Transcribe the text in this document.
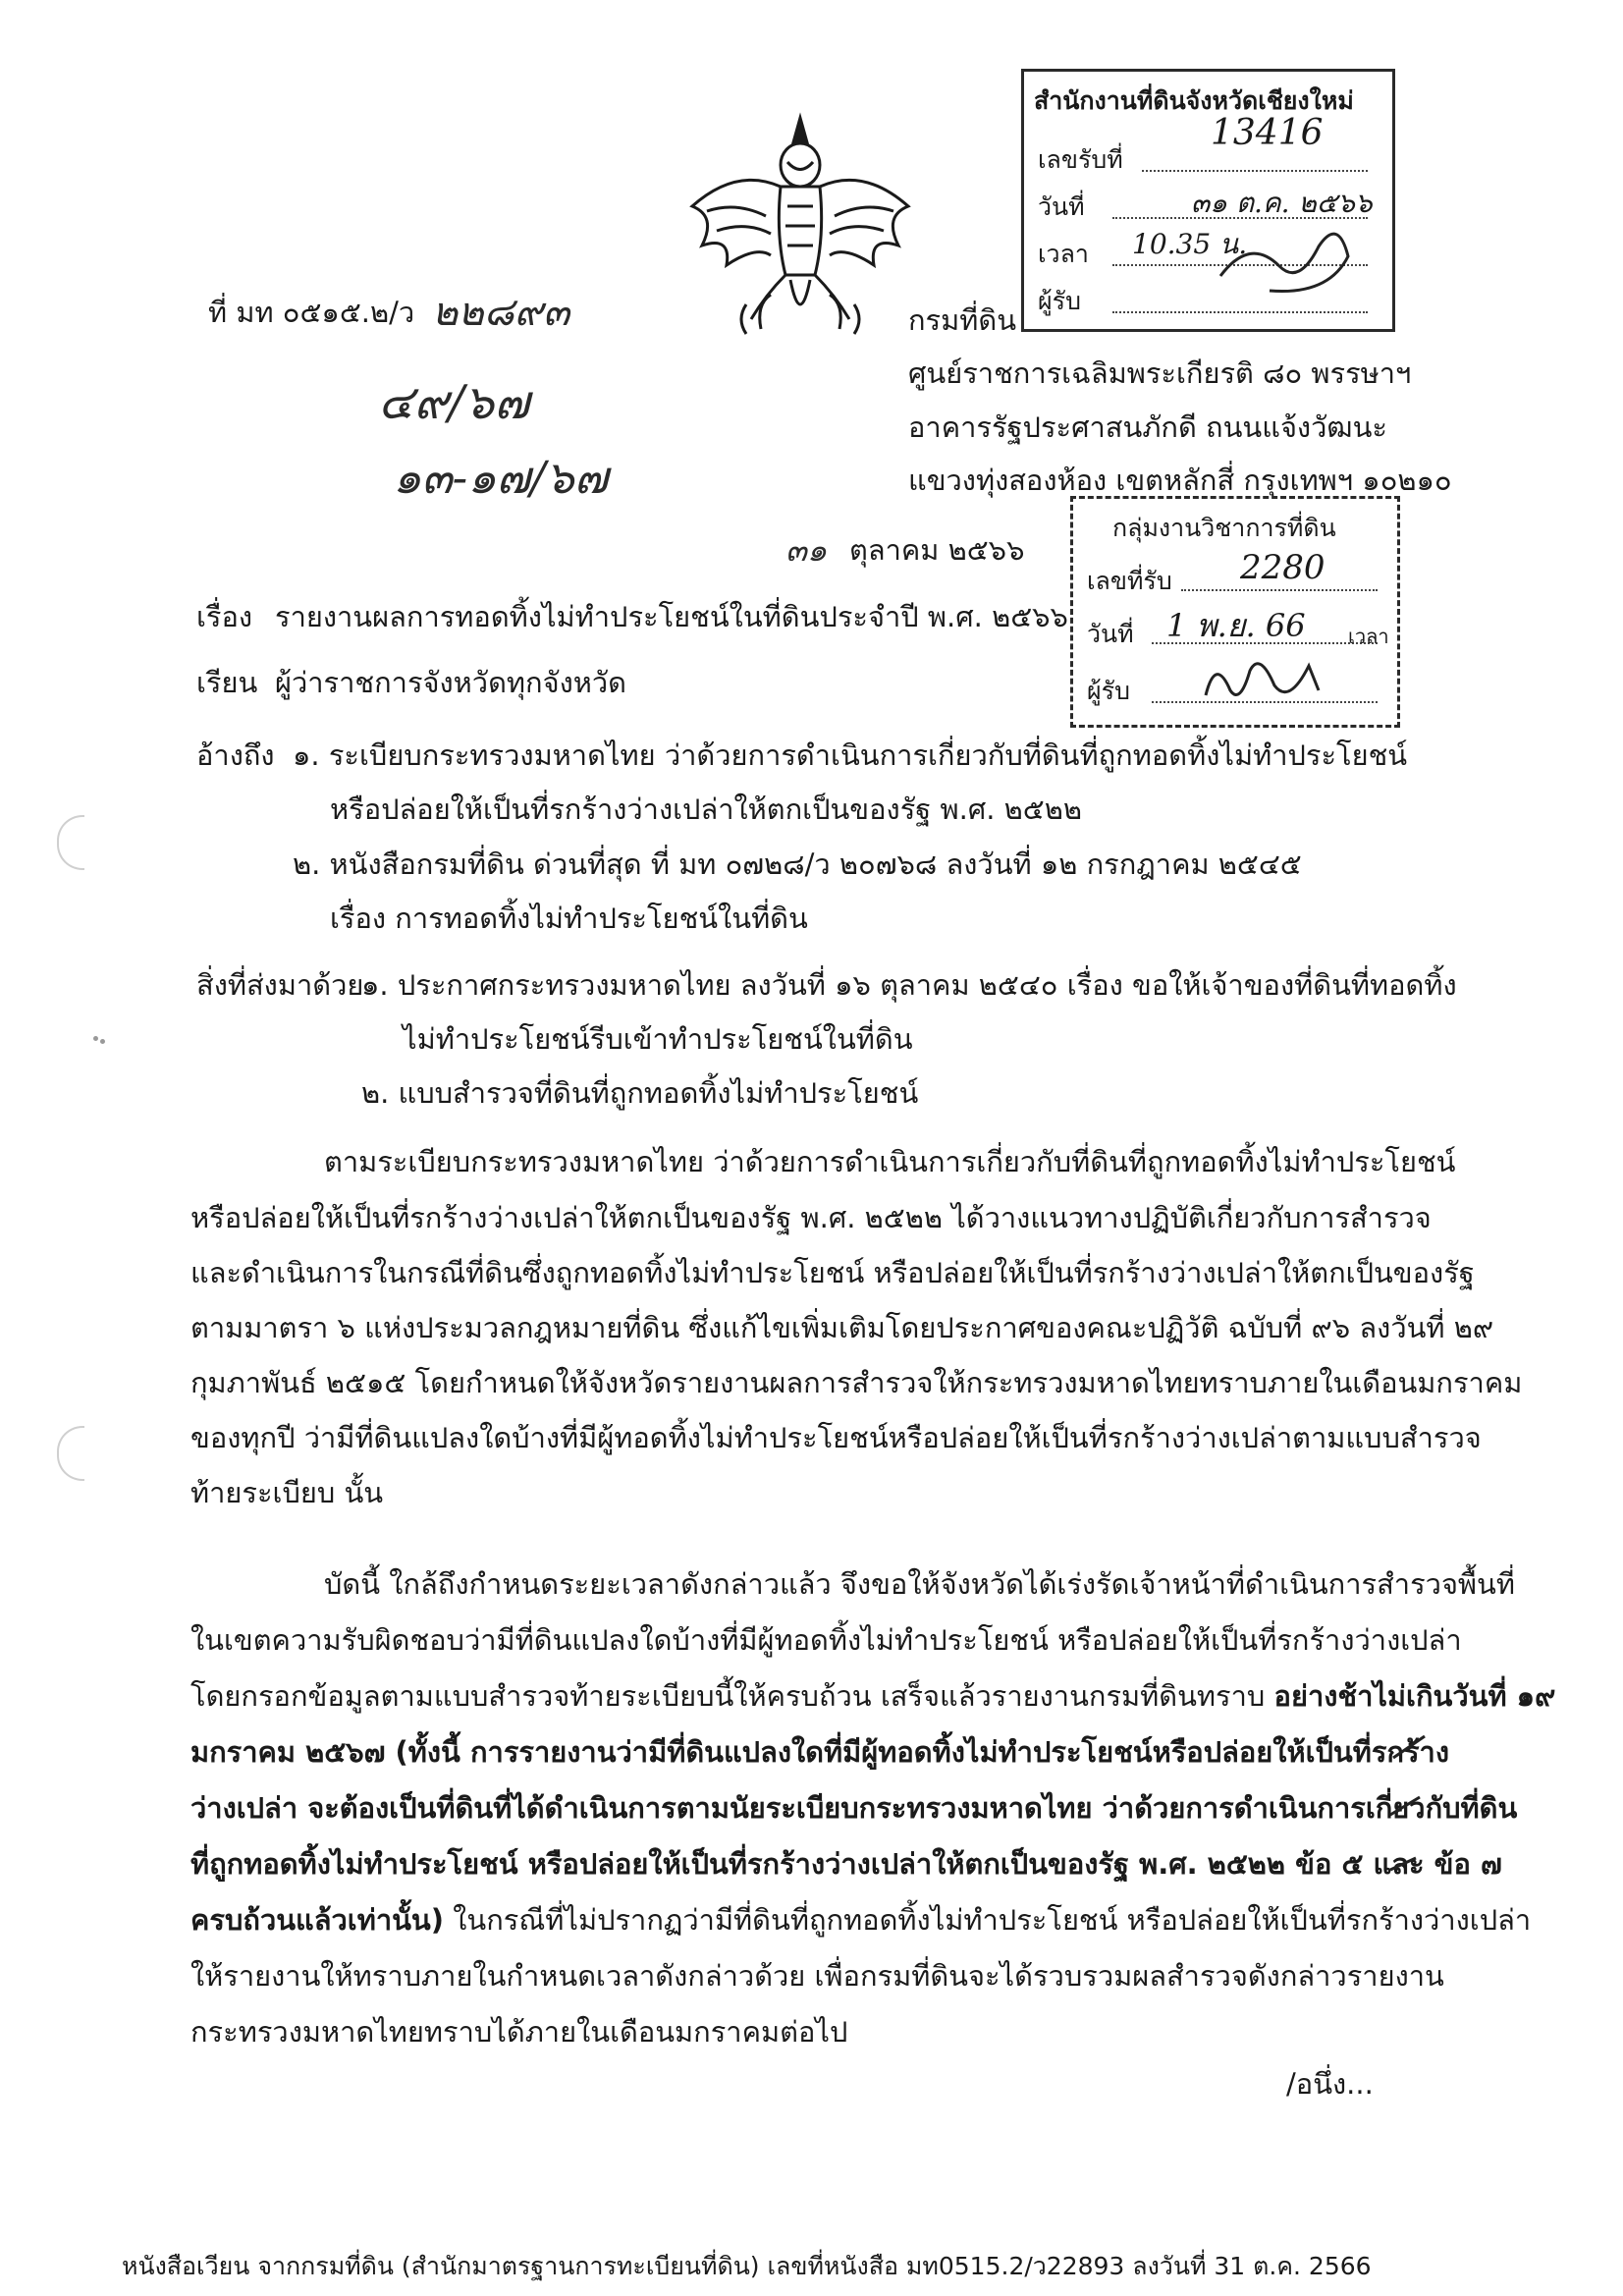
ที่ มท ๐๕๑๕.๒/ว ๒๒๘๙๓
๔๙/๖๗
๑๓-๑๗/๖๗
กรมที่ดิน
ศูนย์ราชการเฉลิมพระเกียรติ ๘๐ พรรษาฯ
อาคารรัฐประศาสนภักดี ถนนแจ้งวัฒนะ
แขวงทุ่งสองห้อง เขตหลักสี่ กรุงเทพฯ ๑๐๒๑๐
สำนักงานที่ดินจังหวัดเชียงใหม่
เลขรับที่
13416
วันที่	๓๑ ต.ค. ๒๕๖๖
เวลา 10.35 น.
ผู้รับ
กลุ่มงานวิชาการที่ดิน
เลขที่รับ 2280
วันที่ 1 พ.ย. 66 เวลา
ผู้รับ
๓๑ ตุลาคม ๒๕๖๖
เรื่อง รายงานผลการทอดทิ้งไม่ทำประโยชน์ในที่ดินประจำปี พ.ศ. ๒๕๖๖
เรียน ผู้ว่าราชการจังหวัดทุกจังหวัด
อ้างถึง ๑. ระเบียบกระทรวงมหาดไทย ว่าด้วยการดำเนินการเกี่ยวกับที่ดินที่ถูกทอดทิ้งไม่ทำประโยชน์
หรือปล่อยให้เป็นที่รกร้างว่างเปล่าให้ตกเป็นของรัฐ พ.ศ. ๒๕๒๒
๒. หนังสือกรมที่ดิน ด่วนที่สุด ที่ มท ๐๗๒๘/ว ๒๐๗๖๘ ลงวันที่ ๑๒ กรกฎาคม ๒๕๔๕
เรื่อง การทอดทิ้งไม่ทำประโยชน์ในที่ดิน
สิ่งที่ส่งมาด้วย
๑. ประกาศกระทรวงมหาดไทย ลงวันที่ ๑๖ ตุลาคม ๒๕๔๐ เรื่อง ขอให้เจ้าของที่ดินที่ทอดทิ้ง
ไม่ทำประโยชน์รีบเข้าทำประโยชน์ในที่ดิน
๒. แบบสำรวจที่ดินที่ถูกทอดทิ้งไม่ทำประโยชน์
ตามระเบียบกระทรวงมหาดไทย ว่าด้วยการดำเนินการเกี่ยวกับที่ดินที่ถูกทอดทิ้งไม่ทำประโยชน์
หรือปล่อยให้เป็นที่รกร้างว่างเปล่าให้ตกเป็นของรัฐ พ.ศ. ๒๕๒๒ ได้วางแนวทางปฏิบัติเกี่ยวกับการสำรวจ
และดำเนินการในกรณีที่ดินซึ่งถูกทอดทิ้งไม่ทำประโยชน์ หรือปล่อยให้เป็นที่รกร้างว่างเปล่าให้ตกเป็นของรัฐ
ตามมาตรา ๖ แห่งประมวลกฎหมายที่ดิน ซึ่งแก้ไขเพิ่มเติมโดยประกาศของคณะปฏิวัติ ฉบับที่ ๙๖ ลงวันที่ ๒๙
กุมภาพันธ์ ๒๕๑๕ โดยกำหนดให้จังหวัดรายงานผลการสำรวจให้กระทรวงมหาดไทยทราบภายในเดือนมกราคม
ของทุกปี ว่ามีที่ดินแปลงใดบ้างที่มีผู้ทอดทิ้งไม่ทำประโยชน์หรือปล่อยให้เป็นที่รกร้างว่างเปล่าตามแบบสำรวจ
ท้ายระเบียบ นั้น
บัดนี้ ใกล้ถึงกำหนดระยะเวลาดังกล่าวแล้ว จึงขอให้จังหวัดได้เร่งรัดเจ้าหน้าที่ดำเนินการสำรวจพื้นที่
ในเขตความรับผิดชอบว่ามีที่ดินแปลงใดบ้างที่มีผู้ทอดทิ้งไม่ทำประโยชน์ หรือปล่อยให้เป็นที่รกร้างว่างเปล่า
โดยกรอกข้อมูลตามแบบสำรวจท้ายระเบียบนี้ให้ครบถ้วน เสร็จแล้วรายงานกรมที่ดินทราบ อย่างช้าไม่เกินวันที่ ๑๙
มกราคม ๒๕๖๗ (ทั้งนี้ การรายงานว่ามีที่ดินแปลงใดที่มีผู้ทอดทิ้งไม่ทำประโยชน์หรือปล่อยให้เป็นที่รกร้าง
ว่างเปล่า จะต้องเป็นที่ดินที่ได้ดำเนินการตามนัยระเบียบกระทรวงมหาดไทย ว่าด้วยการดำเนินการเกี่ยวกับที่ดิน
ที่ถูกทอดทิ้งไม่ทำประโยชน์ หรือปล่อยให้เป็นที่รกร้างว่างเปล่าให้ตกเป็นของรัฐ พ.ศ. ๒๕๒๒ ข้อ ๕ และ ข้อ ๗
ครบถ้วนแล้วเท่านั้น) ในกรณีที่ไม่ปรากฏว่ามีที่ดินที่ถูกทอดทิ้งไม่ทำประโยชน์ หรือปล่อยให้เป็นที่รกร้างว่างเปล่า
ให้รายงานให้ทราบภายในกำหนดเวลาดังกล่าวด้วย เพื่อกรมที่ดินจะได้รวบรวมผลสำรวจดังกล่าวรายงาน
กระทรวงมหาดไทยทราบได้ภายในเดือนมกราคมต่อไป
/อนึ่ง...
หนังสือเวียน จากกรมที่ดิน (สำนักมาตรฐานการทะเบียนที่ดิน) เลขที่หนังสือ มท0515.2/ว22893 ลงวันที่ 31 ต.ค. 2566
